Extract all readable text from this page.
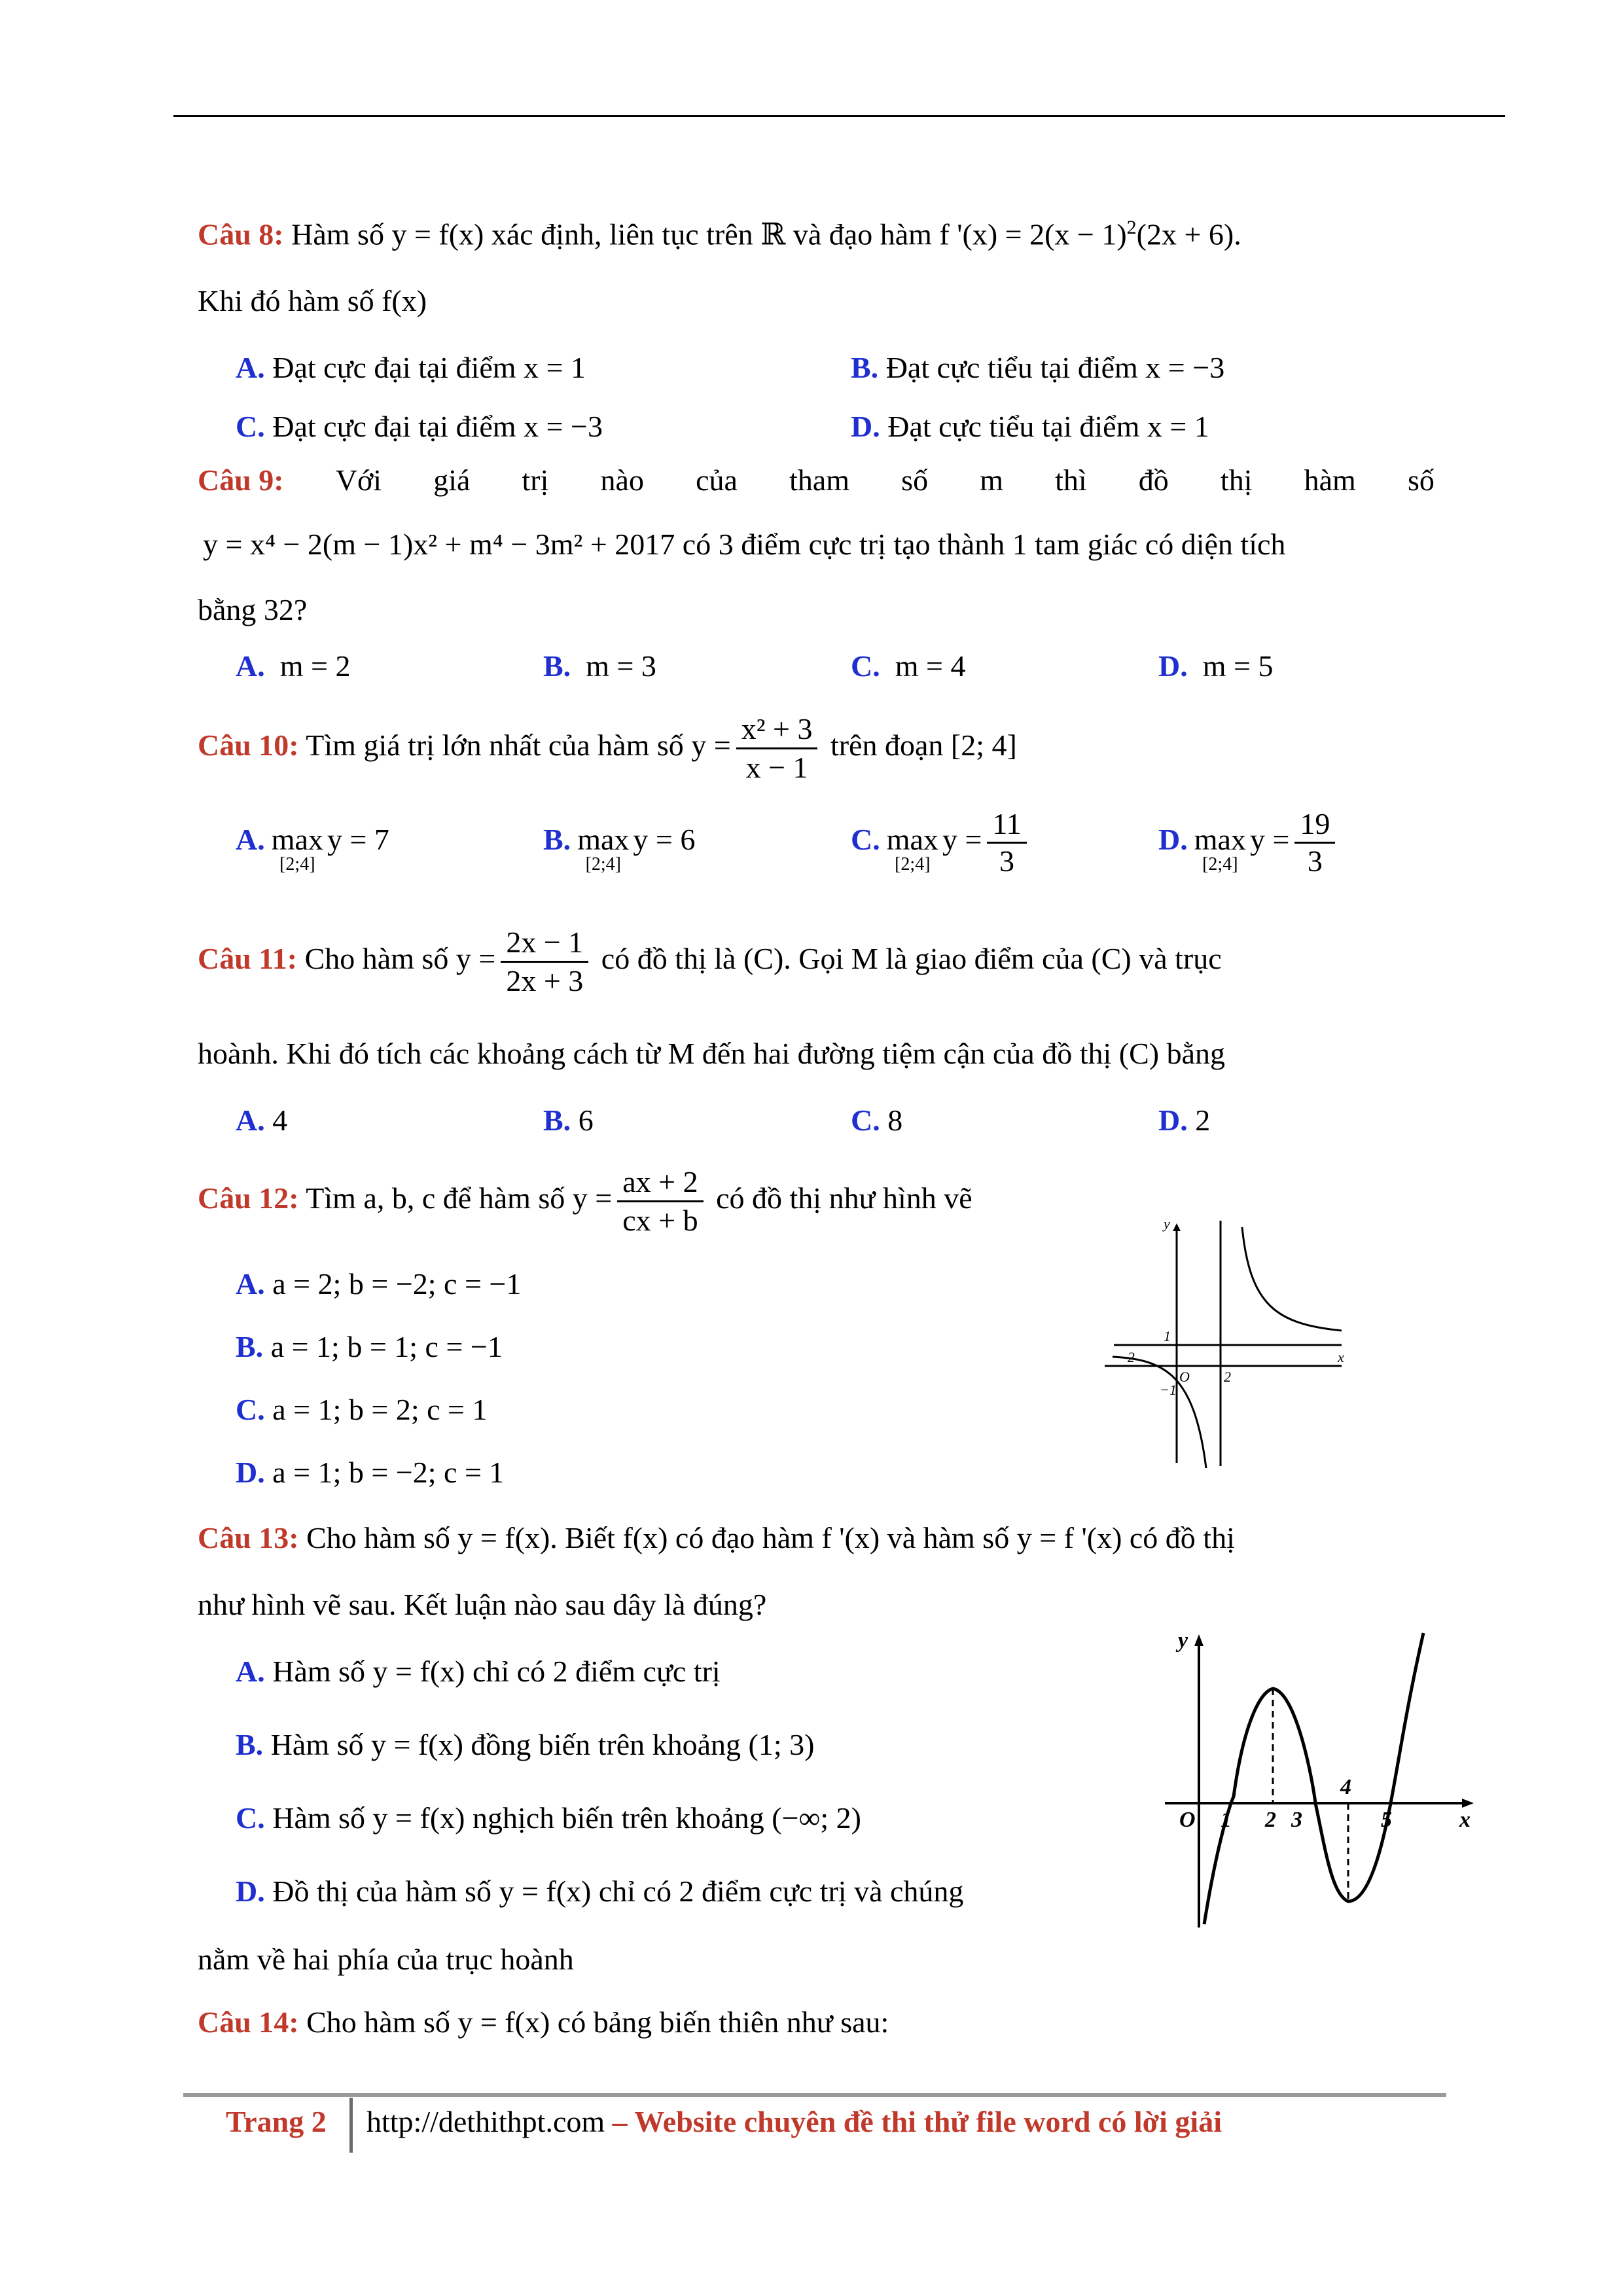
Câu 8: Hàm số y = f(x) xác định, liên tục trên ℝ và đạo hàm f '$(x) = 2(x - 1)^2(2x + 6)$.
Khi đó hàm số f(x)
A. Đạt cực đại tại điểm x = 1	B. Đạt cực tiểu tại điểm x = −3
C. Đạt cực đại tại điểm x = −3	D. Đạt cực tiểu tại điểm x = 1
Câu 9: Với giá trị nào của tham số m thì đồ thị hàm số
y = x⁴ − 2(m − 1)x² + m⁴ − 3m² + 2017 có 3 điểm cực trị tạo thành 1 tam giác có diện tích
bằng 32?
A. m = 2	B. m = 3	C. m = 4	D. m = 5
Câu 10: Tìm giá trị lớn nhất của hàm số $y = \frac{\text{x² + 3}}{x - 1}$ trên đoạn [2; 4]
A. max
[2;4]
y = 7	B. max
[2;4]
y = 6	C. max
[2;4]
$y = \frac{11}{3}$	D. max
[2;4]
$y = \frac{19}{3}$
Câu 11: Cho hàm số $y = \frac{2x - 1}{2x + 3}$ có đồ thị là (C). Gọi M là giao điểm của (C) và trục
hoành. Khi đó tích các khoảng cách từ M đến hai đường tiệm cận của đồ thị (C) bằng
A. 4	B. 6	C. 8	D. 2
Câu 12: Tìm a, b, c để hàm số $y = \frac{ax + 2}{cx + b}$ có đồ thị như hình vẽ
A. a = 2; b = −2; c = −1
B. a = 1; b = 1; c = −1
C. a = 1; b = 2; c = 1
D. a = 1; b = −2; c = 1
y
x
1
−2
O 2
−1
Câu 13: Cho hàm số y = f(x). Biết f(x) có đạo hàm f '(x) và hàm số y = f '(x) có đồ thị
như hình vẽ sau. Kết luận nào sau dây là đúng?
A. Hàm số y = f(x) chỉ có 2 điểm cực trị
B. Hàm số y = f(x) đồng biến trên khoảng (1; 3)
C. Hàm số y = f(x) nghịch biến trên khoảng (−∞; 2)
D. Đồ thị của hàm số y = f(x) chỉ có 2 điểm cực trị và chúng
nằm về hai phía của trục hoành
y
x
O 1 2 3
4
5
Câu 14: Cho hàm số y = f(x) có bảng biến thiên như sau:
Trang 2 http://dethithpt.com – Website chuyên đề thi thử file word có lời giải
